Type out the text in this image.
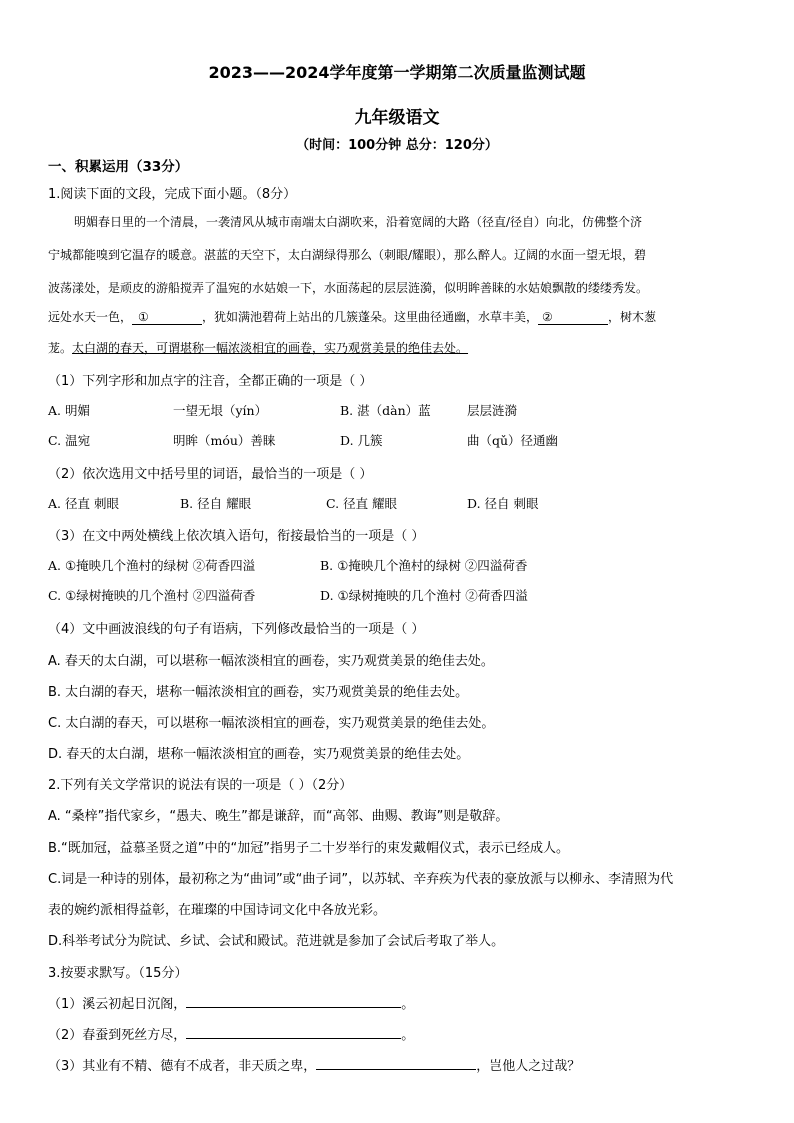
2023——2024学年度第一学期第二次质量监测试题
九年级语文
（时间：100分钟 总分：120分）
一、积累运用（33分）
1.阅读下面的文段，完成下面小题。（8分）
明媚春日里的一个清晨，一袭清风从城市南端太白湖吹来，沿着宽阔的大路（径直/径自）向北，仿佛整个济
宁城都能嗅到它温存的暖意。湛蓝的天空下，太白湖绿得那么（刺眼/耀眼），那么醉人。辽阔的水面一望无垠，碧
波荡漾处，是顽皮的游船搅弄了温宛的水姑娘一下，水面荡起的层层涟漪，似明眸善睐的水姑娘飘散的缕缕秀发。
远处水天一色， ①	，犹如满池碧荷上站出的几簇蓬朵。这里曲径通幽，水草丰美， ②	，树木葱
茏。太白湖的春天，可谓堪称一幅浓淡相宜的画卷，实乃观赏美景的绝佳去处。
（1）下列字形和加点字的注音，全都正确的一项是（ ）
A. 明媚	一望无垠（yín）	B. 湛（dàn）蓝	层层涟漪
C. 温宛	明眸（móu）善睐	D. 几簇	曲（qǔ）径通幽
（2）依次选用文中括号里的词语，最恰当的一项是（ ）
A. 径直 刺眼	B. 径自 耀眼	C. 径直 耀眼	D. 径自 刺眼
（3）在文中两处横线上依次填入语句，衔接最恰当的一项是（ ）
A. ①掩映几个渔村的绿树 ②荷香四溢	B. ①掩映几个渔村的绿树 ②四溢荷香
C. ①绿树掩映的几个渔村 ②四溢荷香	D. ①绿树掩映的几个渔村 ②荷香四溢
（4）文中画波浪线的句子有语病，下列修改最恰当的一项是（ ）
A. 春天的太白湖，可以堪称一幅浓淡相宜的画卷，实乃观赏美景的绝佳去处。
B. 太白湖的春天，堪称一幅浓淡相宜的画卷，实乃观赏美景的绝佳去处。
C. 太白湖的春天，可以堪称一幅浓淡相宜的画卷，实乃观赏美景的绝佳去处。
D. 春天的太白湖，堪称一幅浓淡相宜的画卷，实乃观赏美景的绝佳去处。
2.下列有关文学常识的说法有误的一项是（ ）（2分）
A. “桑梓”指代家乡，“愚夫、晚生”都是谦辞，而“高邻、曲赐、教诲”则是敬辞。
B.“既加冠，益慕圣贤之道”中的“加冠”指男子二十岁举行的束发戴帽仪式，表示已经成人。
C.词是一种诗的别体，最初称之为“曲词”或“曲子词”，以苏轼、辛弃疾为代表的豪放派与以柳永、李清照为代
表的婉约派相得益彰，在璀璨的中国诗词文化中各放光彩。
D.科举考试分为院试、乡试、会试和殿试。范进就是参加了会试后考取了举人。
3.按要求默写。（15分）
（1）溪云初起日沉阁，	。
（2）春蚕到死丝方尽，	。
（3）其业有不精、德有不成者，非天质之卑，	，岂他人之过哉？
